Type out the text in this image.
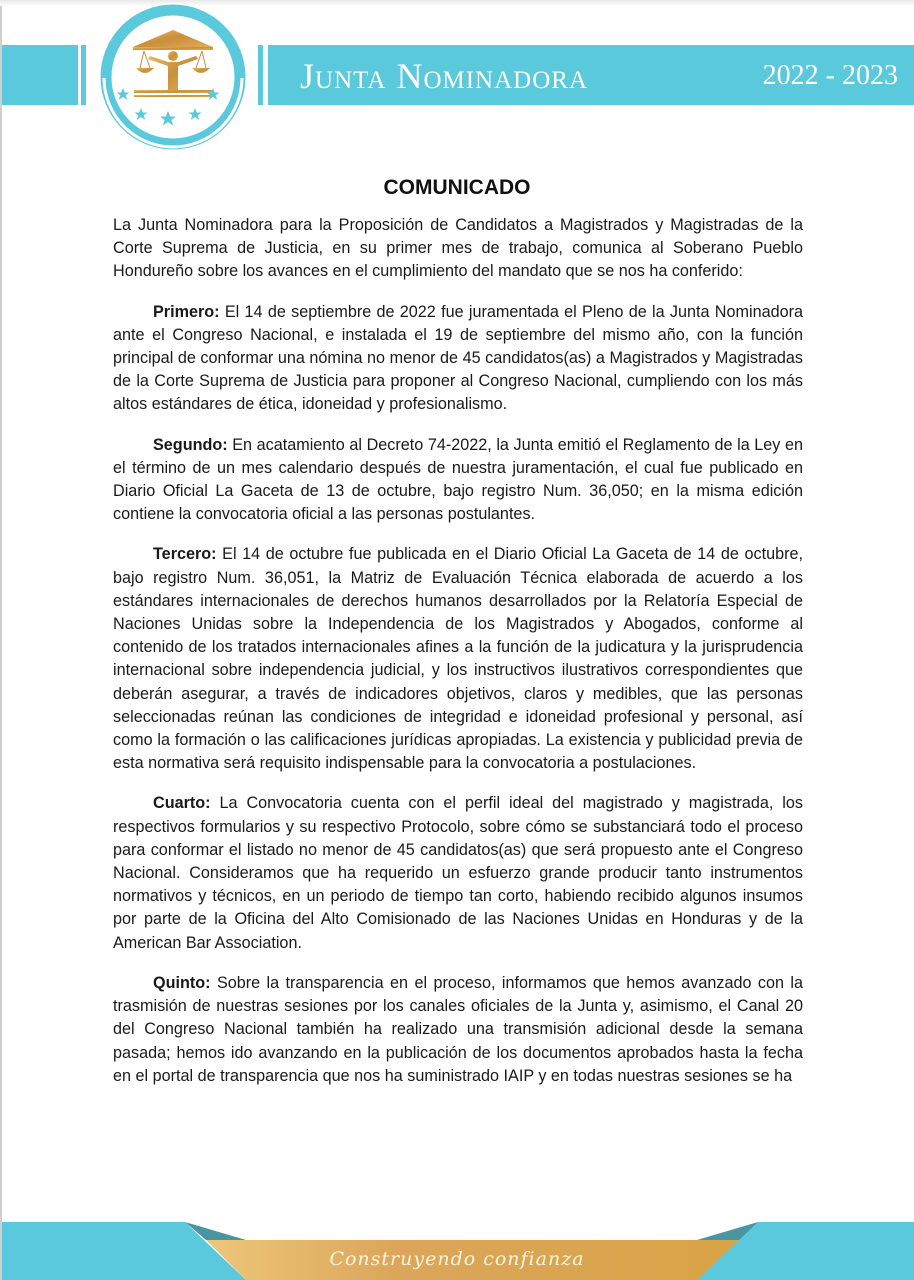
Junta Nominadora	2022 - 2023
COMUNICADO

La Junta Nominadora para la Proposición de Candidatos a Magistrados y Magistradas de la Corte Suprema de Justicia, en su primer mes de trabajo, comunica al Soberano Pueblo Hondureño sobre los avances en el cumplimiento del mandato que se nos ha conferido:

Primero: El 14 de septiembre de 2022 fue juramentada el Pleno de la Junta Nominadora ante el Congreso Nacional, e instalada el 19 de septiembre del mismo año, con la función principal de conformar una nómina no menor de 45 candidatos(as) a Magistrados y Magistradas de la Corte Suprema de Justicia para proponer al Congreso Nacional, cumpliendo con los más altos estándares de ética, idoneidad y profesionalismo.

Segundo: En acatamiento al Decreto 74-2022, la Junta emitió el Reglamento de la Ley en el término de un mes calendario después de nuestra juramentación, el cual fue publicado en Diario Oficial La Gaceta de 13 de octubre, bajo registro Num. 36,050; en la misma edición contiene la convocatoria oficial a las personas postulantes.

Tercero: El 14 de octubre fue publicada en el Diario Oficial La Gaceta de 14 de octubre, bajo registro Num. 36,051, la Matriz de Evaluación Técnica elaborada de acuerdo a los estándares internacionales de derechos humanos desarrollados por la Relatoría Especial de Naciones Unidas sobre la Independencia de los Magistrados y Abogados, conforme al contenido de los tratados internacionales afines a la función de la judicatura y la jurisprudencia internacional sobre independencia judicial, y los instructivos ilustrativos correspondientes que deberán asegurar, a través de indicadores objetivos, claros y medibles, que las personas seleccionadas reúnan las condiciones de integridad e idoneidad profesional y personal, así como la formación o las calificaciones jurídicas apropiadas. La existencia y publicidad previa de esta normativa será requisito indispensable para la convocatoria a postulaciones.

Cuarto: La Convocatoria cuenta con el perfil ideal del magistrado y magistrada, los respectivos formularios y su respectivo Protocolo, sobre cómo se substanciará todo el proceso para conformar el listado no menor de 45 candidatos(as) que será propuesto ante el Congreso Nacional. Consideramos que ha requerido un esfuerzo grande producir tanto instrumentos normativos y técnicos, en un periodo de tiempo tan corto, habiendo recibido algunos insumos por parte de la Oficina del Alto Comisionado de las Naciones Unidas en Honduras y de la American Bar Association.

Quinto: Sobre la transparencia en el proceso, informamos que hemos avanzado con la trasmisión de nuestras sesiones por los canales oficiales de la Junta y, asimismo, el Canal 20 del Congreso Nacional también ha realizado una transmisión adicional desde la semana pasada; hemos ido avanzando en la publicación de los documentos aprobados hasta la fecha en el portal de transparencia que nos ha suministrado IAIP y en todas nuestras sesiones se ha

Construyendo confianza
